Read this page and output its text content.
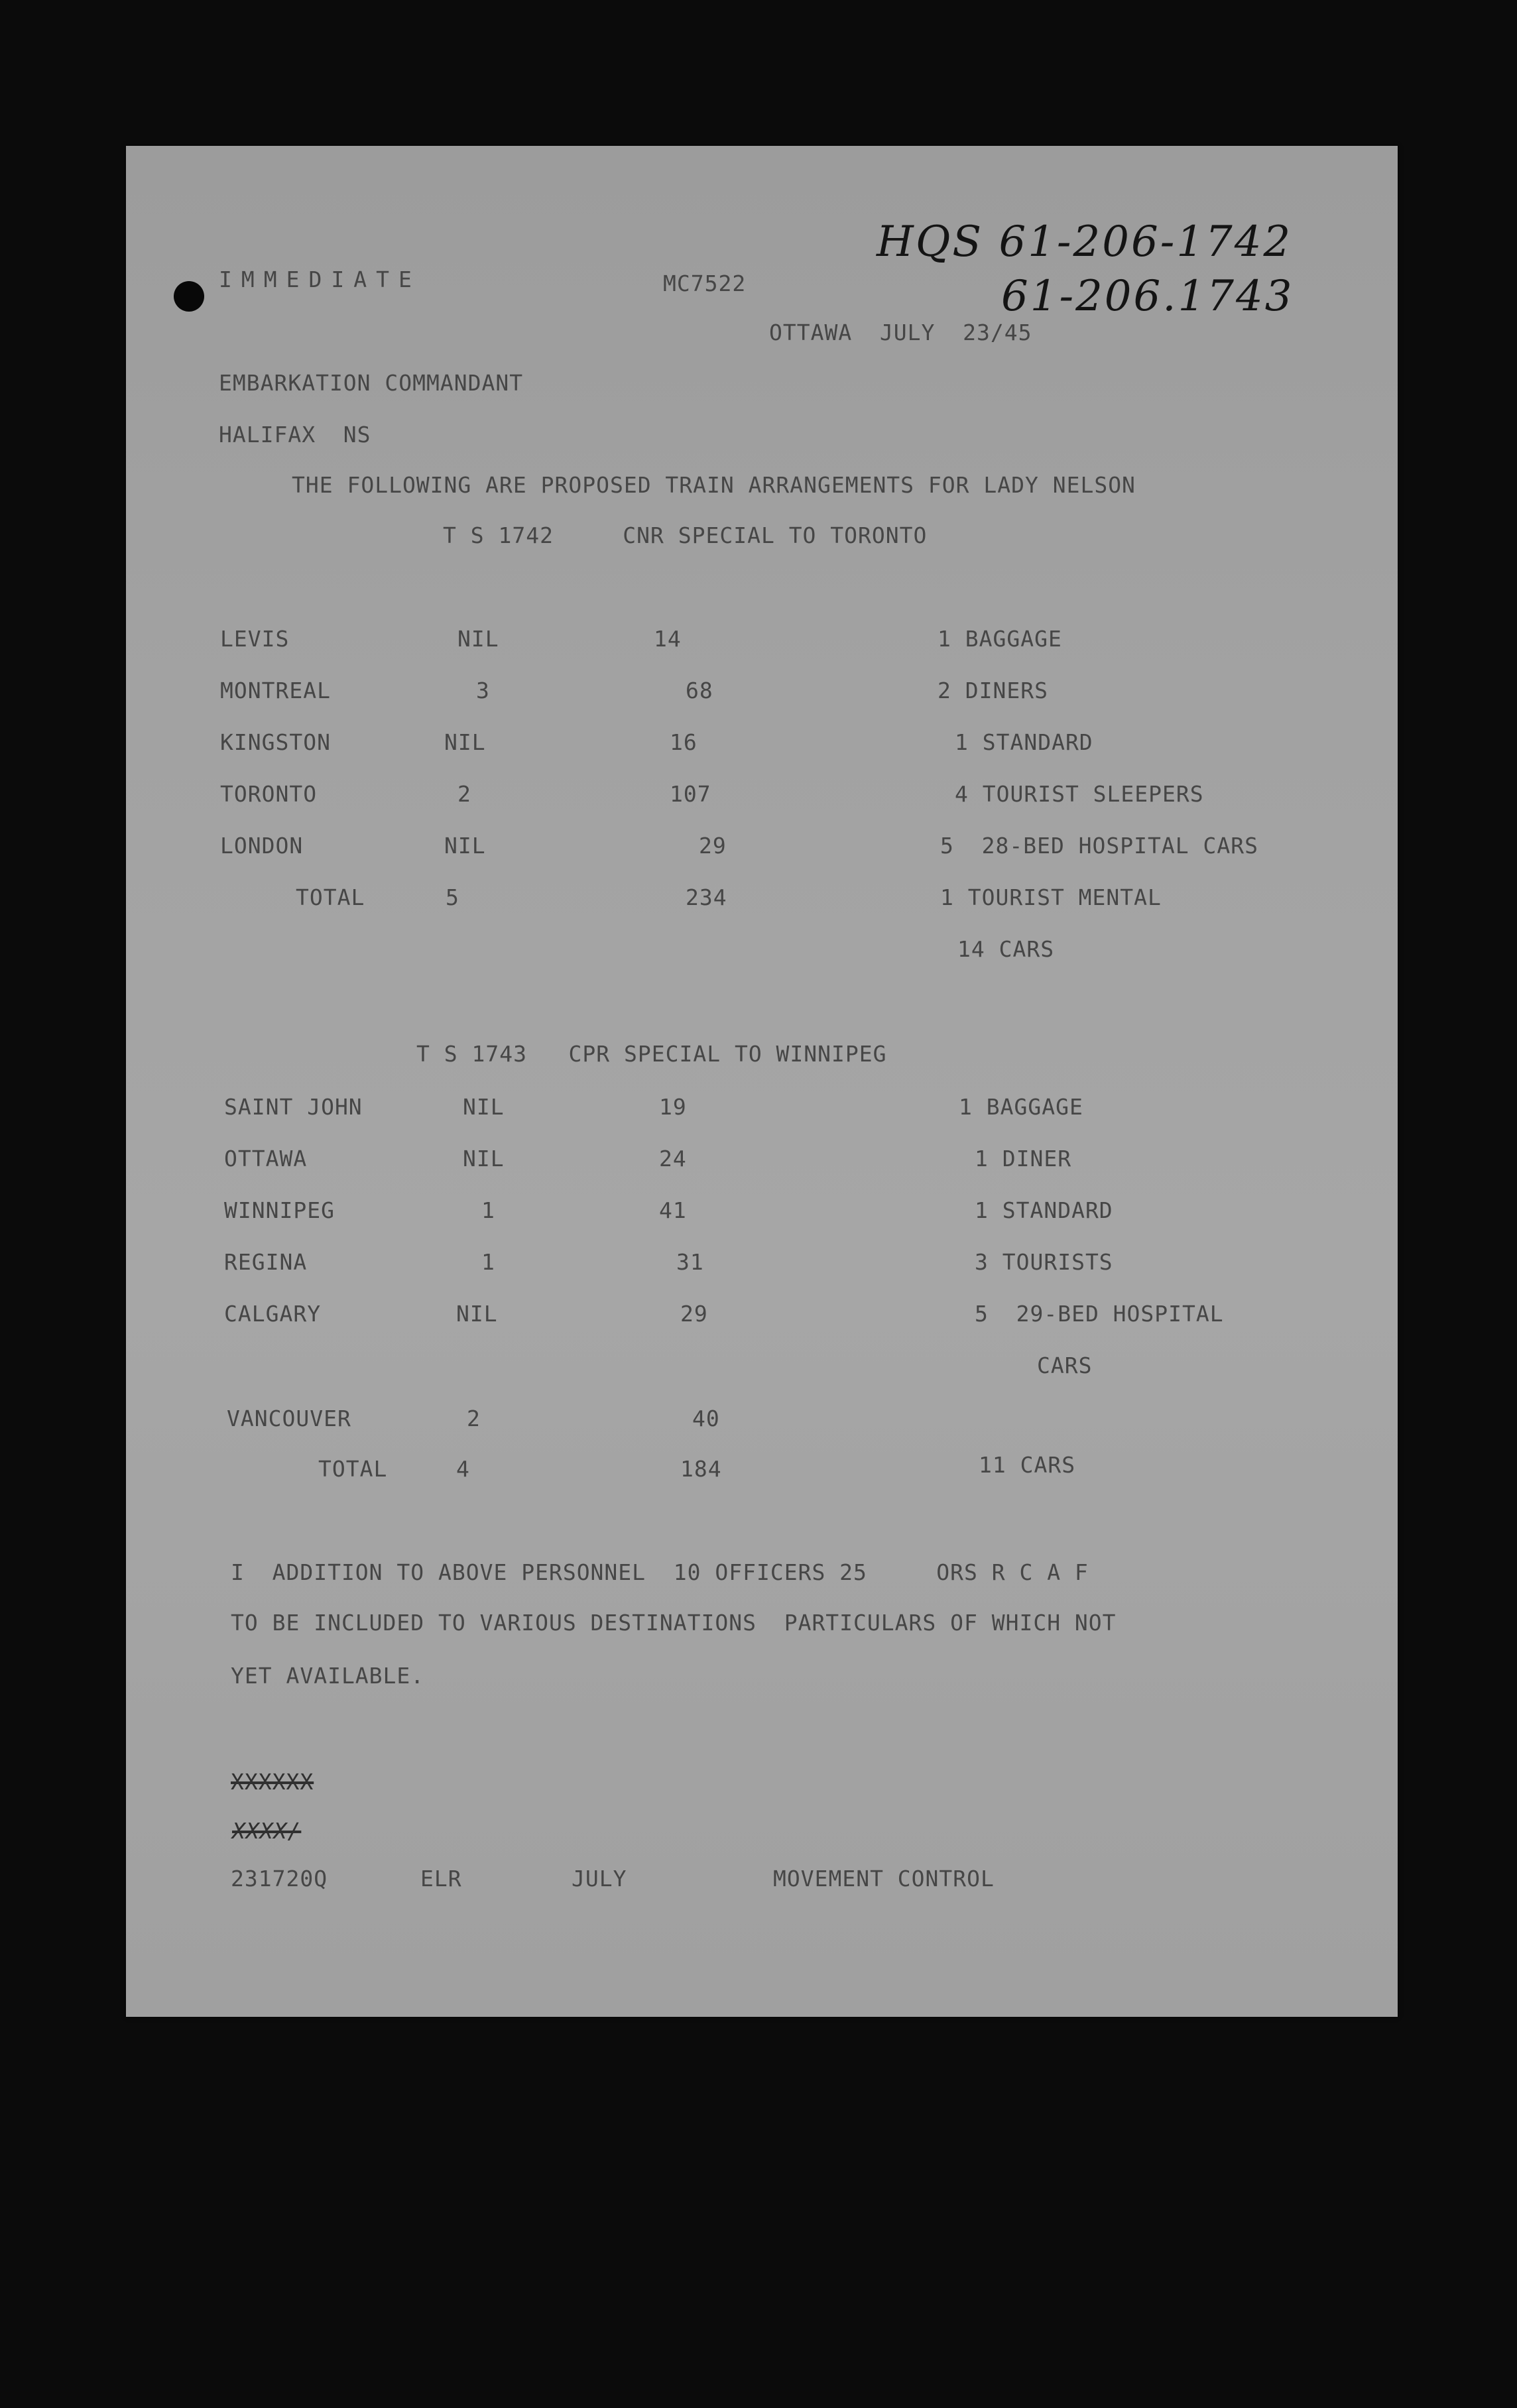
HQS 61-206-1742
61-206.1743
IMMEDIATE	MC7522
OTTAWA  JULY  23/45
EMBARKATION COMMANDANT
HALIFAX  NS
THE FOLLOWING ARE PROPOSED TRAIN ARRANGEMENTS FOR LADY NELSON
T S 1742     CNR SPECIAL TO TORONTO
LEVIS	NIL	14	1 BAGGAGE
MONTREAL	3	68	2 DINERS
KINGSTON	NIL	16	1 STANDARD
TORONTO	2	107	4 TOURIST SLEEPERS
LONDON	NIL	29	5  28-BED HOSPITAL CARS
TOTAL	5	234	1 TOURIST MENTAL
14 CARS
T S 1743   CPR SPECIAL TO WINNIPEG
SAINT JOHN	NIL	19	1 BAGGAGE
OTTAWA	NIL	24	1 DINER
WINNIPEG	1	41	1 STANDARD
REGINA	1	31	3 TOURISTS
CALGARY	NIL	29	5  29-BED HOSPITAL
CARS
VANCOUVER	2	40
TOTAL	4	184	11 CARS
I  ADDITION TO ABOVE PERSONNEL  10 OFFICERS 25     ORS R C A F
TO BE INCLUDED TO VARIOUS DESTINATIONS  PARTICULARS OF WHICH NOT
YET AVAILABLE.
XXXXXX
XXXX/
231720Q	ELR	JULY	MOVEMENT CONTROL
